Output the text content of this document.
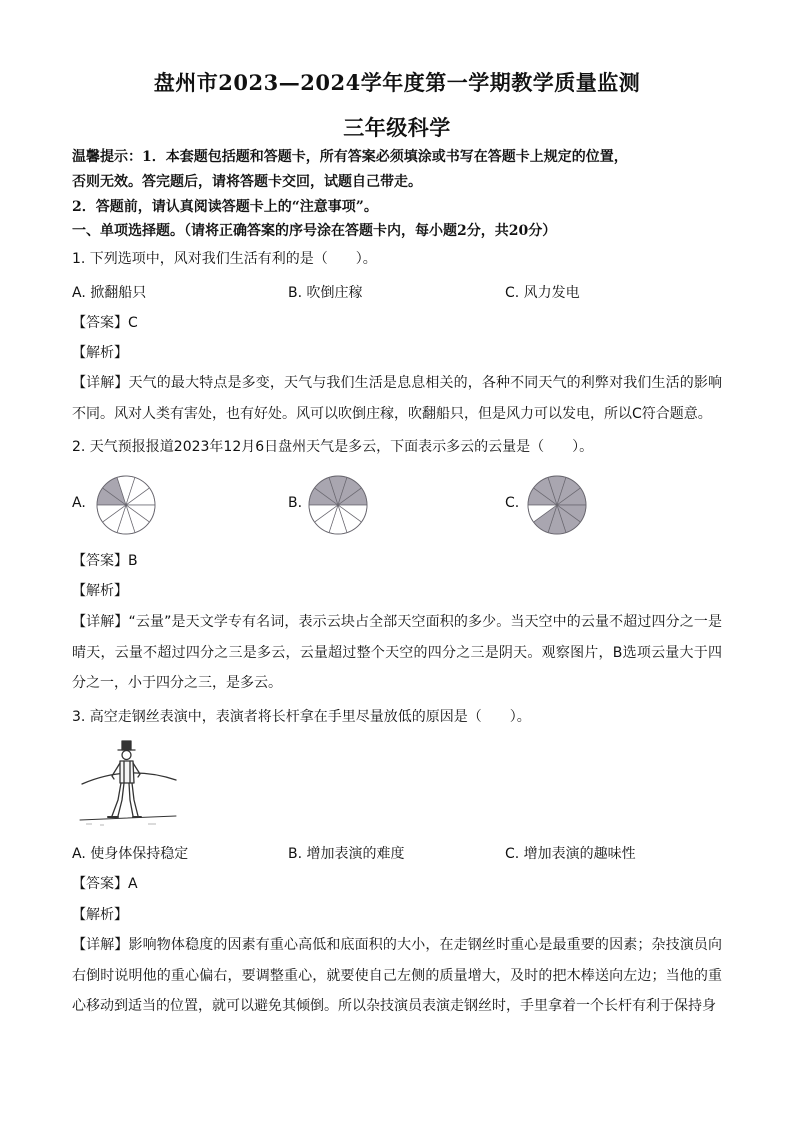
盘州市2023—2024学年度第一学期教学质量监测
三年级科学
温馨提示：1．本套题包括题和答题卡，所有答案必须填涂或书写在答题卡上规定的位置，
否则无效。答完题后，请将答题卡交回，试题自己带走。
2．答题前，请认真阅读答题卡上的“注意事项”。
一、单项选择题。（请将正确答案的序号涂在答题卡内，每小题2分，共20分）
1. 下列选项中，风对我们生活有利的是（　　）。
A. 掀翻船只	B. 吹倒庄稼	C. 风力发电
【答案】C
【解析】
【详解】天气的最大特点是多变，天气与我们生活是息息相关的，各种不同天气的利弊对我们生活的影响不同。风对人类有害处，也有好处。风可以吹倒庄稼，吹翻船只，但是风力可以发电，所以C符合题意。
2. 天气预报报道2023年12月6日盘州天气是多云，下面表示多云的云量是（　　）。
A.	B.	C.
【答案】B
【解析】
【详解】“云量”是天文学专有名词，表示云块占全部天空面积的多少。当天空中的云量不超过四分之一是晴天，云量不超过四分之三是多云，云量超过整个天空的四分之三是阴天。观察图片，B选项云量大于四分之一，小于四分之三，是多云。
3. 高空走钢丝表演中，表演者将长杆拿在手里尽量放低的原因是（　　）。
A. 使身体保持稳定	B. 增加表演的难度	C. 增加表演的趣味性
【答案】A
【解析】
【详解】影响物体稳度的因素有重心高低和底面积的大小，在走钢丝时重心是最重要的因素；杂技演员向右倒时说明他的重心偏右，要调整重心，就要使自己左侧的质量增大，及时的把木棒送向左边；当他的重心移动到适当的位置，就可以避免其倾倒。所以杂技演员表演走钢丝时，手里拿着一个长杆有利于保持身
